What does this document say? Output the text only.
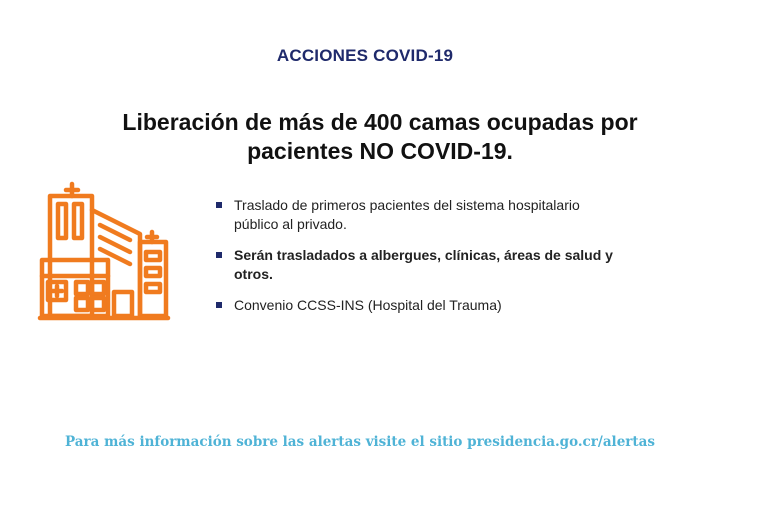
ACCIONES COVID-19
Liberación de más de 400 camas ocupadas por
pacientes NO COVID-19.
Traslado de primeros pacientes del sistema hospitalario
público al privado.
Serán trasladados a albergues, clínicas, áreas de salud y
otros.
Convenio CCSS-INS (Hospital del Trauma)
Para más información sobre las alertas visite el sitio presidencia.go.cr/alertas
